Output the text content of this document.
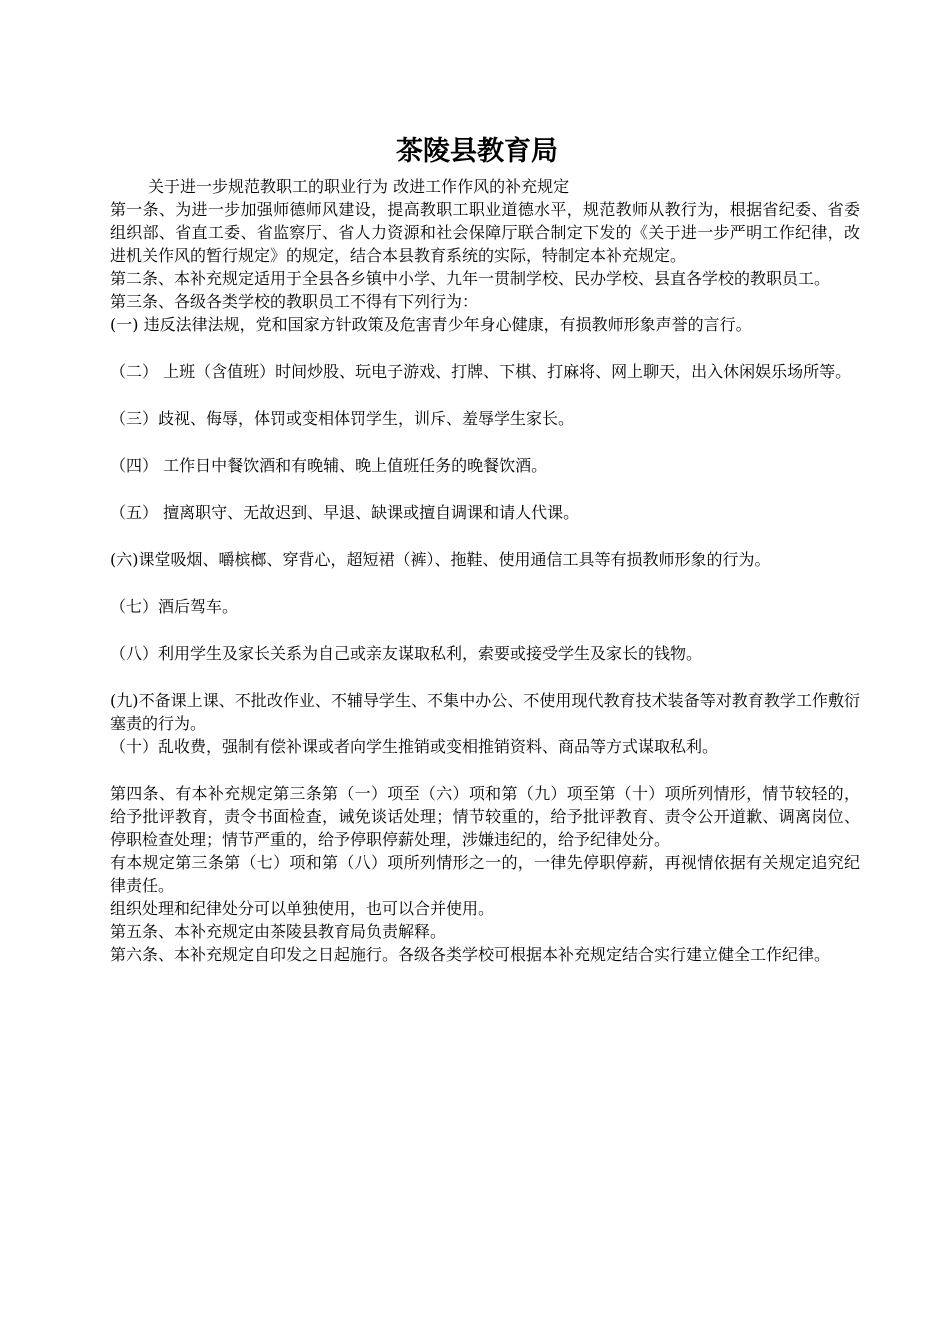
茶陵县教育局

关于进一步规范教职工的职业行为 改进工作作风的补充规定

第一条、为进一步加强师德师风建设，提高教职工职业道德水平，规范教师从教行为，根据省纪委、省委组织部、省直工委、省监察厅、省人力资源和社会保障厅联合制定下发的《关于进一步严明工作纪律，改进机关作风的暂行规定》的规定，结合本县教育系统的实际，特制定本补充规定。

第二条、本补充规定适用于全县各乡镇中小学、九年一贯制学校、民办学校、县直各学校的教职员工。

第三条、各级各类学校的教职员工不得有下列行为：

(一) 违反法律法规，党和国家方针政策及危害青少年身心健康，有损教师形象声誉的言行。

（二） 上班（含值班）时间炒股、玩电子游戏、打牌、下棋、打麻将、网上聊天，出入休闲娱乐场所等。

（三）歧视、侮辱，体罚或变相体罚学生，训斥、羞辱学生家长。

（四） 工作日中餐饮酒和有晚辅、晚上值班任务的晚餐饮酒。

（五） 擅离职守、无故迟到、早退、缺课或擅自调课和请人代课。

(六)课堂吸烟、嚼槟榔、穿背心，超短裙（裤）、拖鞋、使用通信工具等有损教师形象的行为。

（七）酒后驾车。

（八）利用学生及家长关系为自己或亲友谋取私利，索要或接受学生及家长的钱物。

(九)不备课上课、不批改作业、不辅导学生、不集中办公、不使用现代教育技术装备等对教育教学工作敷衍塞责的行为。

（十）乱收费，强制有偿补课或者向学生推销或变相推销资料、商品等方式谋取私利。

第四条、有本补充规定第三条第（一）项至（六）项和第（九）项至第（十）项所列情形，情节较轻的，给予批评教育，责令书面检查，诫免谈话处理；情节较重的，给予批评教育、责令公开道歉、调离岗位、停职检查处理；情节严重的，给予停职停薪处理，涉嫌违纪的，给予纪律处分。

有本规定第三条第（七）项和第（八）项所列情形之一的，一律先停职停薪，再视情依据有关规定追究纪律责任。

组织处理和纪律处分可以单独使用，也可以合并使用。

第五条、本补充规定由茶陵县教育局负责解释。

第六条、本补充规定自印发之日起施行。各级各类学校可根据本补充规定结合实行建立健全工作纪律。
